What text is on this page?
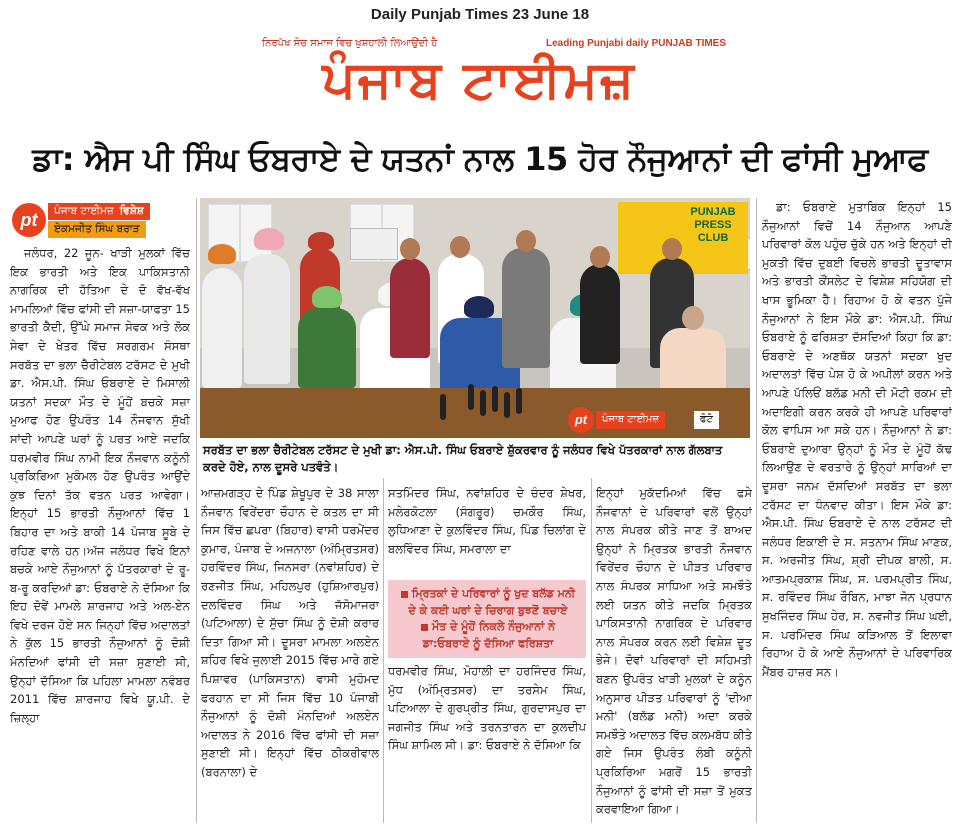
Daily Punjab Times 23 June 18
ਨਿਰਪੱਖ ਸੋਚ ਸਮਾਜ ਵਿਚ ਖੁਸ਼ਹਾਲੀ ਲਿਆਉਂਦੀ ਹੈ	Leading Punjabi daily PUNJAB TIMES
ਪੰਜਾਬ ਟਾਈਮਜ਼
ਡਾ: ਐਸ ਪੀ ਸਿੰਘ ਓਬਰਾਏ ਦੇ ਯਤਨਾਂ ਨਾਲ 15 ਹੋਰ ਨੌਜੁਆਨਾਂ ਦੀ ਫਾਂਸੀ ਮੁਆਫ
pt	ਪੰਜਾਬ ਟਾਈਮਜ਼ ਵਿਸ਼ੇਸ਼
ਏਕਮਜੀਤ ਸਿੰਘ ਬਰਾੜ

ਜਲੰਧਰ, 22 ਜੂਨ- ਖਾੜੀ ਮੁਲਕਾਂ ਵਿੱਚ ਇਕ ਭਾਰਤੀ ਅਤੇ ਇਕ ਪਾਕਿਸਤਾਨੀ ਨਾਗਰਿਕ ਦੀ ਹੱਤਿਆ ਦੇ ਦੋ ਵੱਖ-ਵੱਖ ਮਾਮਲਿਆਂ ਵਿੱਚ ਫਾਂਸੀ ਦੀ ਸਜ਼ਾ-ਯਾਫਤਾ 15 ਭਾਰਤੀ ਕੈਦੀ, ਉੱਘੇ ਸਮਾਜ ਸੇਵਕ ਅਤੇ ਲੋਕ ਸੇਵਾ ਦੇ ਖੇਤਰ ਵਿੱਚ ਸਰਗਰਮ ਸੰਸਥਾ ਸਰਬੱਤ ਦਾ ਭਲਾ ਚੈਰੀਟੇਬਲ ਟਰੱਸਟ ਦੇ ਮੁਖੀ ਡਾ. ਐਸ.ਪੀ. ਸਿੰਘ ਓਬਰਾਏ ਦੇ ਮਿਸਾਲੀ ਯਤਨਾਂ ਸਦਕਾ ਮੌਤ ਦੇ ਮੂੰਹੋਂ ਬਚਕੇ ਸਜ਼ਾ ਮੁਆਫ ਹੋਣ ਉਪਰੰਤ 14 ਨੌਜਵਾਨ ਸੁੱਖੀ ਸਾਂਦੀ ਆਪਣੇ ਘਰਾਂ ਨੂੰ ਪਰਤ ਆਏ ਜਦਕਿ ਧਰਮਵੀਰ ਸਿੰਘ ਨਾਮੀ ਇਕ ਨੌਜਵਾਨ ਕਨੂੰਨੀ ਪ੍ਰਕਿਰਿਆ ਮੁਕੰਮਲ ਹੋਣ ਉਪਰੰਤ ਆਉਂਦੇ ਕੁਝ ਦਿਨਾਂ ਤੱਕ ਵਤਨ ਪਰਤ ਆਵੇਗਾ।ਇਨ੍ਹਾਂ 15 ਭਾਰਤੀ ਨੌਜੁਆਨਾਂ ਵਿੱਚ 1 ਬਿਹਾਰ ਦਾ ਅਤੇ ਬਾਕੀ 14 ਪੰਜਾਬ ਸੂਬੇ ਦੇ ਰਹਿਣ ਵਾਲੇ ਹਨ।ਅੱਜ ਜਲੰਧਰ ਵਿਖੇ ਇਨਾਂ ਬਚਕੇ ਆਏ ਨੌਜੁਆਨਾਂ ਨੂੰ ਪੱਤਰਕਾਰਾਂ ਦੇ ਰੂ-ਬ-ਰੂ ਕਰਦਿਆਂ ਡਾ: ਓਬਰਾਏ ਨੇ ਦੱਸਿਆ ਕਿ ਇਹ ਦੋਵੇਂ ਮਾਮਲੇ ਸ਼ਾਰਜਾਹ ਅਤੇ ਅਲ-ਏਨ ਵਿਖੇ ਦਰਜ ਹੋਏ ਸਨ ਜਿਨ੍ਹਾਂ ਵਿੱਚ ਅਦਾਲਤਾਂ ਨੇ ਕੁੱਲ 15 ਭਾਰਤੀ ਨੌਜੁਆਨਾਂ ਨੂੰ ਦੋਸ਼ੀ ਮੰਨਦਿਆਂ ਫਾਂਸੀ ਦੀ ਸਜ਼ਾ ਸੁਣਾਈ ਸੀ, ਉਨ੍ਹਾਂ ਦੱਸਿਆ ਕਿ ਪਹਿਲਾ ਮਾਮਲਾ ਨਵੰਬਰ 2011 ਵਿੱਚ ਸ਼ਾਰਜਾਹ ਵਿਖੇ ਯੂ.ਪੀ. ਦੇ ਜ਼ਿਲ੍ਹਾ

PUNJAB PRESS CLUB
pt	ਪੰਜਾਬ ਟਾਈਮਜ਼	ਫੋਟੋ
ਸਰਬੱਤ ਦਾ ਭਲਾ ਚੈਰੀਟੇਬਲ ਟਰੱਸਟ ਦੇ ਮੁਖੀ ਡਾ: ਐਸ.ਪੀ. ਸਿੰਘ ਓਬਰਾਏ ਸ਼ੁੱਕਰਵਾਰ ਨੂੰ ਜਲੰਧਰ ਵਿਖੇ ਪੱਤਰਕਾਰਾਂ ਨਾਲ ਗੱਲਬਾਤ ਕਰਦੇ ਹੋਏ, ਨਾਲ ਦੂਸਰੇ ਪਤਵੰਤੇ।

ਆਜ਼ਮਗੜ੍ਹ ਦੇ ਪਿੰਡ ਸ਼ੇਖੂਪੁਰ ਦੇ 38 ਸਾਲਾ ਨੌਜਵਾਨ ਵਿਰੇਂਦਰਾ ਚੌਹਾਨ ਦੇ ਕਤਲ ਦਾ ਸੀ ਜਿਸ ਵਿੱਚ ਛਪਰਾ (ਬਿਹਾਰ) ਵਾਸੀ ਧਰਮੇਂਦਰ ਕੁਮਾਰ, ਪੰਜਾਬ ਦੇ ਅਜਨਾਲਾ (ਅੰਮ੍ਰਿਤਸਰ) ਹਰਵਿੰਦਰ ਸਿੰਘ, ਜਿਨਸਰਾ (ਨਵਾਂਸ਼ਹਿਰ) ਦੇ ਰਣਜੀਤ ਸਿੰਘ, ਮਹਿਲਪੁਰ (ਹੁਸ਼ਿਆਰਪੁਰ) ਦਲਵਿੰਦਰ ਸਿੰਘ ਅਤੇ ਜੱਸੋਮਾਜਰਾ (ਪਟਿਆਲਾ) ਦੇ ਸੁੱਚਾ ਸਿੰਘ ਨੂੰ ਦੋਸ਼ੀ ਕਰਾਰ ਦਿਤਾ ਗਿਆ ਸੀ। ਦੂਸਰਾ ਮਾਮਲਾ ਅਲਏਨ ਸ਼ਹਿਰ ਵਿਖੇ ਜੁਲਾਈ 2015 ਵਿੱਚ ਮਾਰੇ ਗਏ ਪਿਸ਼ਾਵਰ (ਪਾਕਿਸਤਾਨ) ਵਾਸੀ ਮੁਹੰਮਦ ਫਰਹਾਨ ਦਾ ਸੀ ਜਿਸ ਵਿੱਚ 10 ਪੰਜਾਬੀ ਨੌਜੁਆਨਾਂ ਨੂੰ ਦੋਸ਼ੀ ਮੰਨਦਿਆਂ ਅਲਏਨ ਅਦਾਲਤ ਨੇ 2016 ਵਿੱਚ ਫਾਂਸੀ ਦੀ ਸਜ਼ਾ ਸੁਣਾਈ ਸੀ। ਇਨ੍ਹਾਂ ਵਿੱਚ ਠੀਕਰੀਵਾਲ (ਬਰਨਾਲਾ) ਦੇ

ਸਤਮਿੰਦਰ ਸਿੰਘ, ਨਵਾਂਸ਼ਹਿਰ ਦੇ ਚੰਦਰ ਸ਼ੇਖਰ, ਮਲੇਰਕੋਟਲਾ (ਸੰਗਰੂਰ) ਚਮਕੌਰ ਸਿੰਘ, ਲੁਧਿਆਣਾ ਦੇ ਕੁਲਵਿੰਦਰ ਸਿੰਘ, ਪਿੰਡ ਚਿਲਾਂਗ ਦੇ ਬਲਵਿੰਦਰ ਸਿੰਘ, ਸਮਰਾਲਾ ਦਾ

ਮ੍ਰਿਤਕਾਂ ਦੇ ਪਰਿਵਾਰਾਂ ਨੂੰ ਖੁਦ ਬਲੱਡ ਮਨੀ ਦੇ ਕੇ ਕਈ ਘਰਾਂ ਦੇ ਚਿਰਾਗ ਬੁਝਣੋਂ ਬਚਾਏ
ਮੌਤ ਦੇ ਮੂੰਹੋਂ ਨਿਕਲੇ ਨੌਜੁਆਨਾਂ ਨੇ ਡਾ:ਓਬਰਾਏ ਨੂੰ ਦੱਸਿਆ ਫਰਿਸ਼ਤਾ

ਧਰਮਵੀਰ ਸਿੰਘ, ਮੋਹਾਲੀ ਦਾ ਹਰਜਿੰਦਰ ਸਿੰਘ, ਮੁੱਧ (ਅੰਮ੍ਰਿਤਸਰ) ਦਾ ਤਰਸੇਮ ਸਿੰਘ, ਪਟਿਆਲਾ ਦੇ ਗੁਰਪ੍ਰੀਤ ਸਿੰਘ, ਗੁਰਦਾਸਪੁਰ ਦਾ ਜਗਜੀਤ ਸਿੰਘ ਅਤੇ ਤਰਨਤਾਰਨ ਦਾ ਕੁਲਦੀਪ ਸਿੰਘ ਸ਼ਾਮਿਲ ਸੀ। ਡਾ: ਓਬਰਾਏ ਨੇ ਦੱਸਿਆ ਕਿ

ਇਨ੍ਹਾਂ ਮੁਕੱਦਮਿਆਂ ਵਿੱਚ ਫਸੇ ਨੌਜਵਾਨਾਂ ਦੇ ਪਰਿਵਾਰਾਂ ਵਲੋਂ ਉਨ੍ਹਾਂ ਨਾਲ ਸੰਪਰਕ ਕੀਤੇ ਜਾਣ ਤੋਂ ਬਾਅਦ ਉਨ੍ਹਾਂ ਨੇ ਮ੍ਰਿਤਕ ਭਾਰਤੀ ਨੌਜਵਾਨ ਵਿਰੇਂਦਰ ਚੌਹਾਨ ਦੇ ਪੀੜਤ ਪਰਿਵਾਰ ਨਾਲ ਸੰਪਰਕ ਸਾਧਿਆ ਅਤੇ ਸਮਝੌਤੇ ਲਈ ਯਤਨ ਕੀਤੇ ਜਦਕਿ ਮ੍ਰਿਤਕ ਪਾਕਿਸਤਾਨੀ ਨਾਗਰਿਕ ਦੇ ਪਰਿਵਾਰ ਨਾਲ ਸੰਪਰਕ ਕਰਨ ਲਈ ਵਿਸ਼ੇਸ਼ ਦੂਤ ਭੇਜੇ। ਦੋਵਾਂ ਪਰਿਵਾਰਾਂ ਦੀ ਸਹਿਮਤੀ ਬਣਨ ਉਪਰੰਤ ਖਾੜੀ ਮੁਲਕਾਂ ਦੇ ਕਨੂੰਨ ਅਨੁਸਾਰ ਪੀੜਤ ਪਰਿਵਾਰਾਂ ਨੂੰ 'ਦੀਆ ਮਨੀ' (ਬਲੱਡ ਮਨੀ) ਅਦਾ ਕਰਕੇ ਸਮਝੌਤੇ ਅਦਾਲਤ ਵਿੱਚ ਕਲਮਬੱਧ ਕੀਤੇ ਗਏ ਜਿਸ ਉਪਰੰਤ ਲੰਬੀ ਕਨੂੰਨੀ ਪ੍ਰਕਿਰਿਆ ਮਗਰੋਂ 15 ਭਾਰਤੀ ਨੌਜੁਆਨਾਂ ਨੂੰ ਫਾਂਸੀ ਦੀ ਸਜ਼ਾ ਤੋਂ ਮੁਕਤ ਕਰਵਾਇਆ ਗਿਆ।

ਡਾ: ਓਬਰਾਏ ਮੁਤਾਬਿਕ ਇਨ੍ਹਾਂ 15 ਨੌਜੁਆਨਾਂ ਵਿਚੋਂ 14 ਨੌਜੁਆਨ ਆਪਣੇ ਪਰਿਵਾਰਾਂ ਕੋਲ ਪਹੁੰਚ ਚੁੱਕੇ ਹਨ ਅਤੇ ਇਨ੍ਹਾਂ ਦੀ ਮੁਕਤੀ ਵਿੱਚ ਦੁਬਈ ਵਿਚਲੇ ਭਾਰਤੀ ਦੂਤਾਵਾਸ ਅਤੇ ਭਾਰਤੀ ਕੌਂਸਲੇਟ ਦੇ ਵਿਸ਼ੇਸ਼ ਸਹਿਯੋਗ ਦੀ ਖਾਸ ਭੂਮਿਕਾ ਹੈ। ਰਿਹਾਅ ਹੋ ਕੇ ਵਤਨ ਪੁੱਜੇ ਨੌਜੁਆਨਾਂ ਨੇ ਇਸ ਮੌਕੇ ਡਾ: ਐਸ.ਪੀ. ਸਿੰਘ ਓਬਰਾਏ ਨੂੰ ਫਰਿਸ਼ਤਾ ਦੱਸਦਿਆਂ ਕਿਹਾ ਕਿ ਡਾ: ਓਬਰਾਏ ਦੇ ਅਣਥੱਕ ਯਤਨਾਂ ਸਦਕਾ ਖੁਦ ਅਦਾਲਤਾਂ ਵਿੱਚ ਪੇਸ਼ ਹੋ ਕੇ ਅਪੀਲਾਂ ਕਰਨ ਅਤੇ ਆਪਣੇ ਪੱਲਿਓਂ ਬਲੱਡ ਮਨੀ ਦੀ ਮੋਟੀ ਰਕਮ ਦੀ ਅਦਾਇਗੀ ਕਰਨ ਕਰਕੇ ਹੀ ਆਪਣੇ ਪਰਿਵਾਰਾਂ ਕੋਲ ਵਾਪਿਸ ਆ ਸਕੇ ਹਨ। ਨੌਜੁਆਨਾਂ ਨੇ ਡਾ: ਓਬਰਾਏ ਦੁਆਰਾ ਉਨ੍ਹਾਂ ਨੂੰ ਮੌਤ ਦੇ ਮੂੰਹੋਂ ਕੱਢ ਲਿਆਉਣ ਦੇ ਵਰਤਾਰੇ ਨੂੰ ਉਨ੍ਹਾਂ ਸਾਰਿਆਂ ਦਾ ਦੂਸਰਾ ਜਨਮ ਦੱਸਦਿਆਂ ਸਰਬੱਤ ਦਾ ਭਲਾ ਟਰੱਸਟ ਦਾ ਧੰਨਵਾਦ ਕੀਤਾ। ਇਸ ਮੌਕੇ ਡਾ: ਐਸ.ਪੀ. ਸਿੰਘ ਓਬਰਾਏ ਦੇ ਨਾਲ ਟਰੱਸਟ ਦੀ ਜਲੰਧਰ ਇਕਾਈ ਦੇ ਸ. ਸਤਨਾਮ ਸਿੰਘ ਮਾਣਕ, ਸ. ਅਰਜੀਤ ਸਿੰਘ, ਸ਼੍ਰੀ ਦੀਪਕ ਬਾਲੀ, ਸ. ਆਤਮਪ੍ਰਕਾਸ਼ ਸਿੰਘ, ਸ. ਪਰਮਪ੍ਰੀਤ ਸਿੰਘ, ਸ. ਰਵਿੰਦਰ ਸਿੰਘ ਰੌਬਿਨ, ਮਾਝਾ ਜੋਨ ਪ੍ਰਧਾਨ ਸੁਖਜਿੰਦਰ ਸਿੰਘ ਹੇਰ, ਸ. ਨਵਜੀਤ ਸਿੰਘ ਘਈ, ਸ. ਪਰਮਿੰਦਰ ਸਿੰਘ ਕੜਿਆਲ ਤੋਂ ਇਲਾਵਾ ਰਿਹਾਅ ਹੋ ਕੇ ਆਏ ਨੌਜੁਆਨਾਂ ਦੇ ਪਰਿਵਾਰਿਕ ਮੈਂਬਰ ਹਾਜ਼ਰ ਸਨ।
